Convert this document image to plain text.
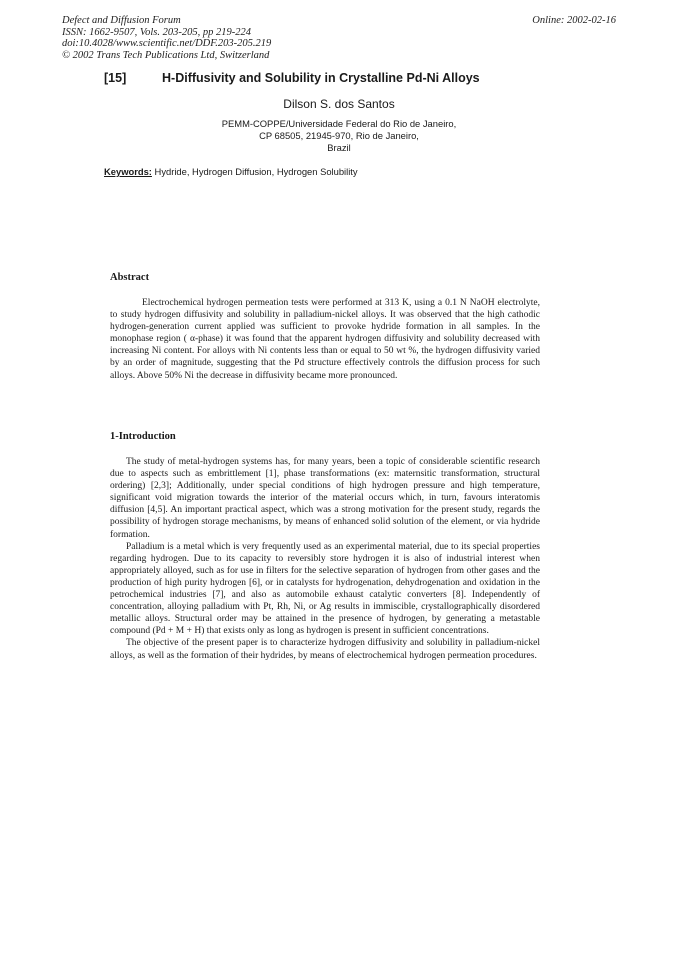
Defect and Diffusion Forum
ISSN: 1662-9507, Vols. 203-205, pp 219-224
doi:10.4028/www.scientific.net/DDF.203-205.219
© 2002 Trans Tech Publications Ltd, Switzerland
Online: 2002-02-16
[15]	H-Diffusivity and Solubility in Crystalline Pd-Ni Alloys
Dilson S. dos Santos
PEMM-COPPE/Universidade Federal do Rio de Janeiro,
CP 68505, 21945-970, Rio de Janeiro,
Brazil
Keywords: Hydride, Hydrogen Diffusion, Hydrogen Solubility
Abstract

Electrochemical hydrogen permeation tests were performed at 313 K, using a 0.1 N NaOH electrolyte, to study hydrogen diffusivity and solubility in palladium-nickel alloys. It was observed that the high cathodic hydrogen-generation current applied was sufficient to provoke hydride formation in all samples. In the monophase region ( α-phase) it was found that the apparent hydrogen diffusivity and solubility decreased with increasing Ni content. For alloys with Ni contents less than or equal to 50 wt %, the hydrogen diffusivity varied by an order of magnitude, suggesting that the Pd structure effectively controls the diffusion process for such alloys. Above 50% Ni the decrease in diffusivity became more pronounced.

1-Introduction

The study of metal-hydrogen systems has, for many years, been a topic of considerable scientific research due to aspects such as embrittlement [1], phase transformations (ex: maternsitic transformation, structural ordering) [2,3]; Additionally, under special conditions of high hydrogen pressure and high temperature, significant void migration towards the interior of the material occurs which, in turn, favours interatomis diffusion [4,5]. An important practical aspect, which was a strong motivation for the present study, regards the possibility of hydrogen storage mechanisms, by means of enhanced solid solution of the element, or via hydride formation.

Palladium is a metal which is very frequently used as an experimental material, due to its special properties regarding hydrogen. Due to its capacity to reversibly store hydrogen it is also of industrial interest when appropriately alloyed, such as for use in filters for the selective separation of hydrogen from other gases and the production of high purity hydrogen [6], or in catalysts for hydrogenation, dehydrogenation and oxidation in the petrochemical industries [7], and also as automobile exhaust catalytic converters [8]. Independently of concentration, alloying palladium with Pt, Rh, Ni, or Ag results in immiscible, crystallographically disordered metallic alloys. Structural order may be attained in the presence of hydrogen, by generating a metastable compound (Pd + M + H) that exists only as long as hydrogen is present in sufficient concentrations.

The objective of the present paper is to characterize hydrogen diffusivity and solubility in palladium-nickel alloys, as well as the formation of their hydrides, by means of electrochemical hydrogen permeation procedures.
